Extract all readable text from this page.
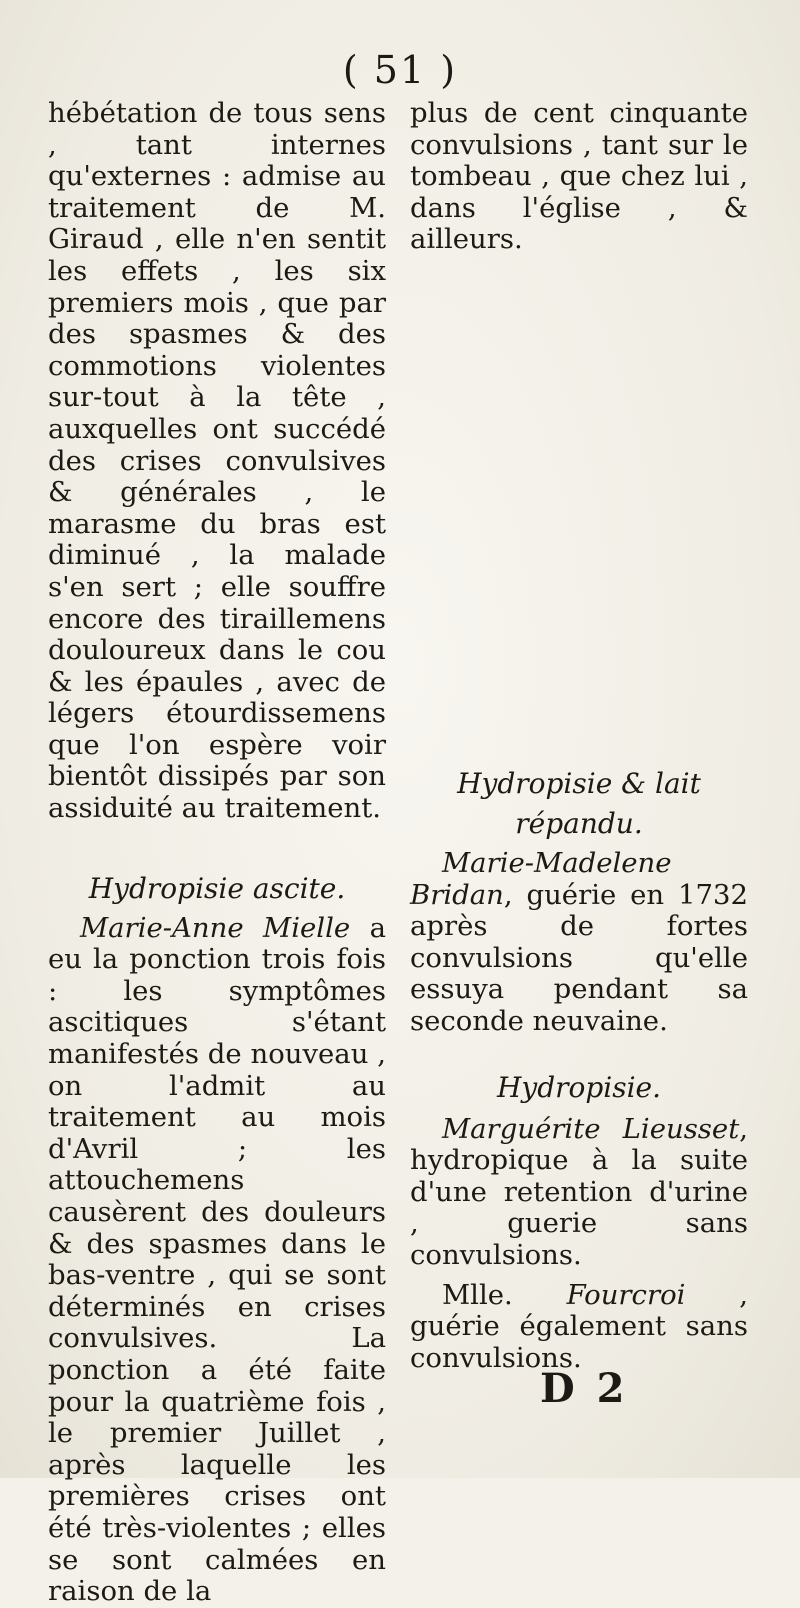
( 51 )

hébétation de tous sens , tant internes qu'externes : admise au traitement de M. Giraud , elle n'en sentit les effets , les six premiers mois , que par des spasmes & des commotions violentes sur-tout à la tête , auxquelles ont succédé des crises convulsives & générales , le marasme du bras est diminué , la malade s'en sert ; elle souffre encore des tiraillemens douloureux dans le cou & les épaules , avec de légers étourdissemens que l'on espère voir bientôt dissipés par son assiduité au traitement.

Hydropisie ascite.

Marie-Anne Mielle a eu la ponction trois fois : les symptômes ascitiques s'étant manifestés de nouveau , on l'admit au traitement au mois d'Avril ; les attouchemens causèrent des douleurs & des spasmes dans le bas-ventre , qui se sont déterminés en crises convulsives. La ponction a été faite pour la quatrième fois , le premier Juillet , après laquelle les premières crises ont été très-violentes ; elles se sont calmées en raison de la

plus de cent cinquante convulsions , tant sur le tombeau , que chez lui , dans l'église , & ailleurs.

Hydropisie & lait répandu.

Marie-Madelene Bridan, guérie en 1732 après de fortes convulsions qu'elle essuya pendant sa seconde neuvaine.

Hydropisie.

Marguérite Lieusset, hydropique à la suite d'une retention d'urine , guerie sans convulsions.

Mlle. Fourcroi , guérie également sans convulsions.

D 2
